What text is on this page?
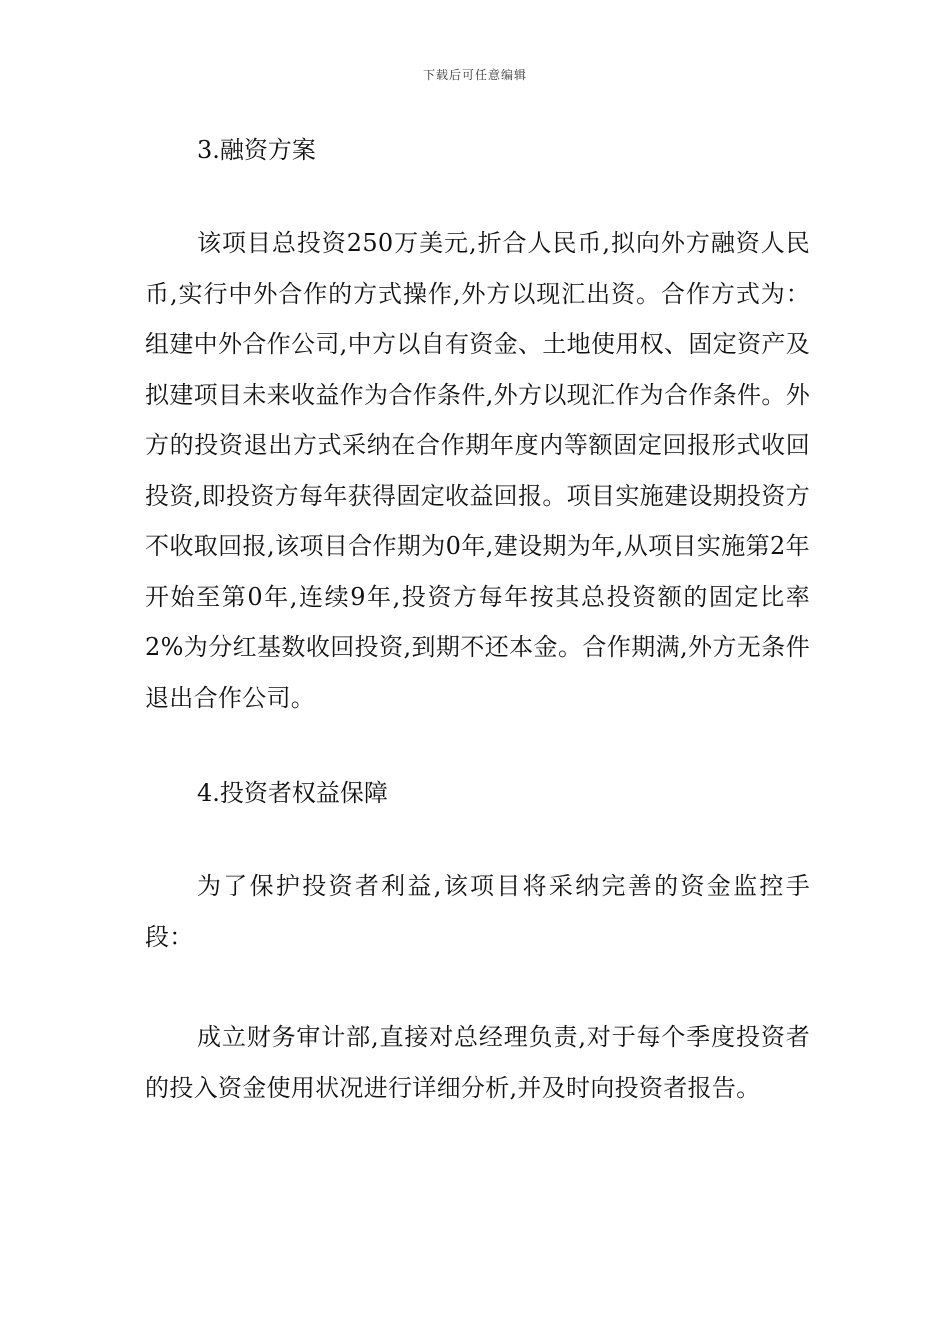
下载后可任意编辑

3.融资方案

该项目总投资250万美元,折合人民币,拟向外方融资人民币,实行中外合作的方式操作,外方以现汇出资。合作方式为：组建中外合作公司,中方以自有资金、土地使用权、固定资产及拟建项目未来收益作为合作条件,外方以现汇作为合作条件。外方的投资退出方式采纳在合作期年度内等额固定回报形式收回投资,即投资方每年获得固定收益回报。项目实施建设期投资方不收取回报,该项目合作期为0年,建设期为年,从项目实施第2年开始至第0年,连续9年,投资方每年按其总投资额的固定比率2%为分红基数收回投资,到期不还本金。合作期满,外方无条件退出合作公司。

4.投资者权益保障

为了保护投资者利益,该项目将采纳完善的资金监控手段：

成立财务审计部,直接对总经理负责,对于每个季度投资者的投入资金使用状况进行详细分析,并及时向投资者报告。
